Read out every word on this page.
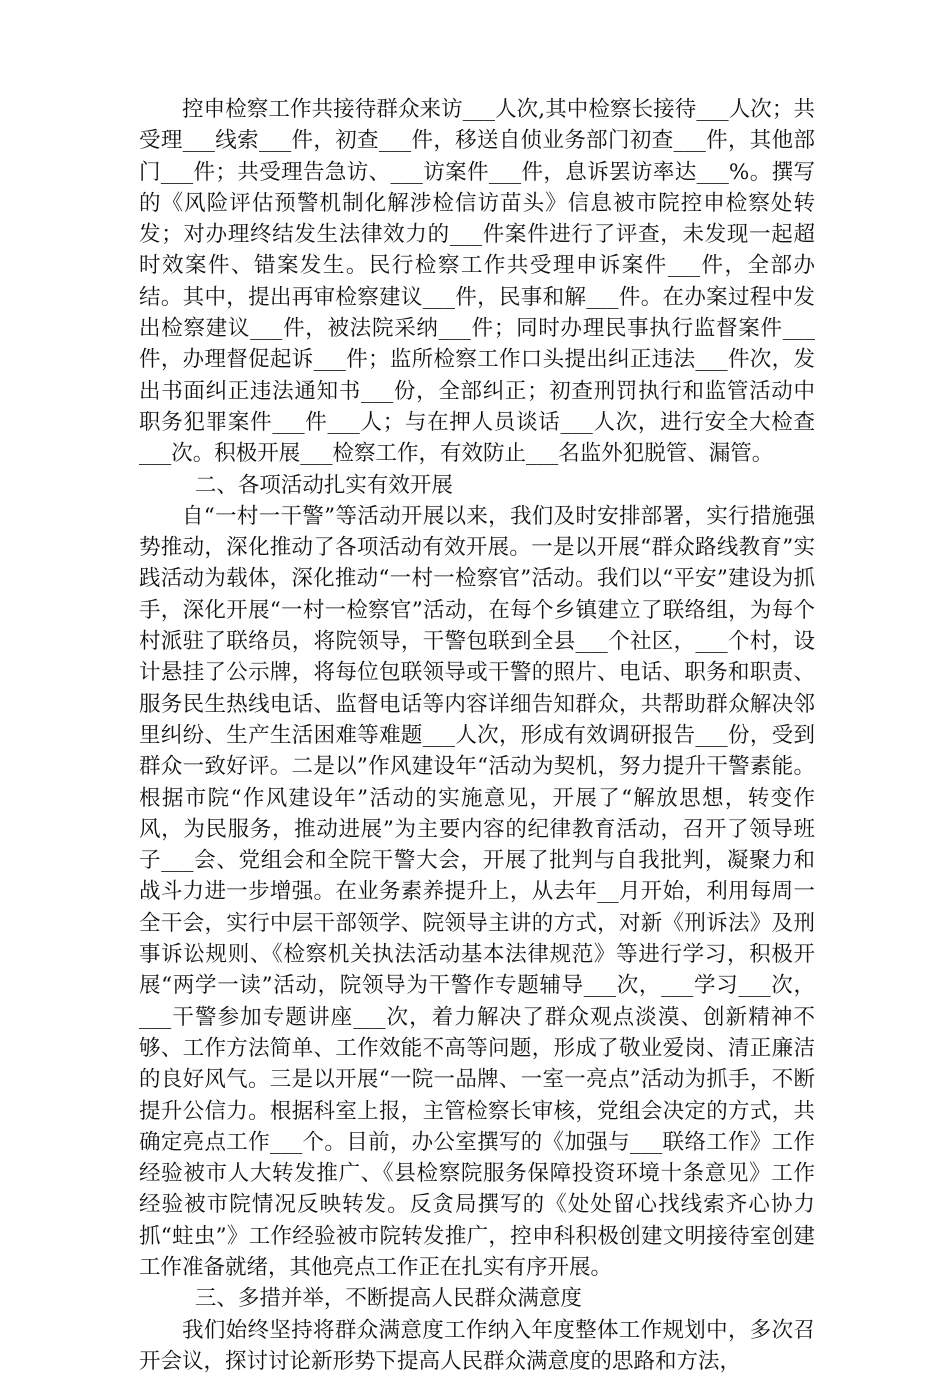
控申检察工作共接待群众来访___人次,其中检察长接待___人次；共受理___线索___件，初查___件，移送自侦业务部门初查___件，其他部门___件；共受理告急访、___访案件___件，息诉罢访率达___%。撰写的《风险评估预警机制化解涉检信访苗头》信息被市院控申检察处转发；对办理终结发生法律效力的___件案件进行了评查，未发现一起超时效案件、错案发生。民行检察工作共受理申诉案件___件，全部办结。其中，提出再审检察建议___件，民事和解___件。在办案过程中发出检察建议___件，被法院采纳___件；同时办理民事执行监督案件___件，办理督促起诉___件；监所检察工作口头提出纠正违法___件次，发出书面纠正违法通知书___份，全部纠正；初查刑罚执行和监管活动中职务犯罪案件___件___人；与在押人员谈话___人次，进行安全大检查___次。积极开展___检察工作，有效防止___名监外犯脱管、漏管。

二、各项活动扎实有效开展

自“一村一干警”等活动开展以来，我们及时安排部署，实行措施强势推动，深化推动了各项活动有效开展。一是以开展“群众路线教育”实践活动为载体，深化推动“一村一检察官”活动。我们以“平安”建设为抓手，深化开展“一村一检察官”活动，在每个乡镇建立了联络组，为每个村派驻了联络员，将院领导，干警包联到全县___个社区，___个村，设计悬挂了公示牌，将每位包联领导或干警的照片、电话、职务和职责、服务民生热线电话、监督电话等内容详细告知群众，共帮助群众解决邻里纠纷、生产生活困难等难题___人次，形成有效调研报告___份，受到群众一致好评。二是以”作风建设年“活动为契机，努力提升干警素能。根据市院“作风建设年”活动的实施意见，开展了“解放思想，转变作风，为民服务，推动进展”为主要内容的纪律教育活动，召开了领导班子___会、党组会和全院干警大会，开展了批判与自我批判，凝聚力和战斗力进一步增强。在业务素养提升上，从去年__月开始，利用每周一全干会，实行中层干部领学、院领导主讲的方式，对新《刑诉法》及刑事诉讼规则、《检察机关执法活动基本法律规范》等进行学习，积极开展“两学一读”活动，院领导为干警作专题辅导___次，___学习___次，___干警参加专题讲座___次，着力解决了群众观点淡漠、创新精神不够、工作方法简单、工作效能不高等问题，形成了敬业爱岗、清正廉洁的良好风气。三是以开展“一院一品牌、一室一亮点”活动为抓手，不断提升公信力。根据科室上报，主管检察长审核，党组会决定的方式，共确定亮点工作___个。目前，办公室撰写的《加强与___联络工作》工作经验被市人大转发推广、《县检察院服务保障投资环境十条意见》工作经验被市院情况反映转发。反贪局撰写的《处处留心找线索齐心协力抓“蛀虫”》工作经验被市院转发推广，控申科积极创建文明接待室创建工作准备就绪，其他亮点工作正在扎实有序开展。

三、多措并举，不断提高人民群众满意度

我们始终坚持将群众满意度工作纳入年度整体工作规划中，多次召开会议，探讨讨论新形势下提高人民群众满意度的思路和方法，
